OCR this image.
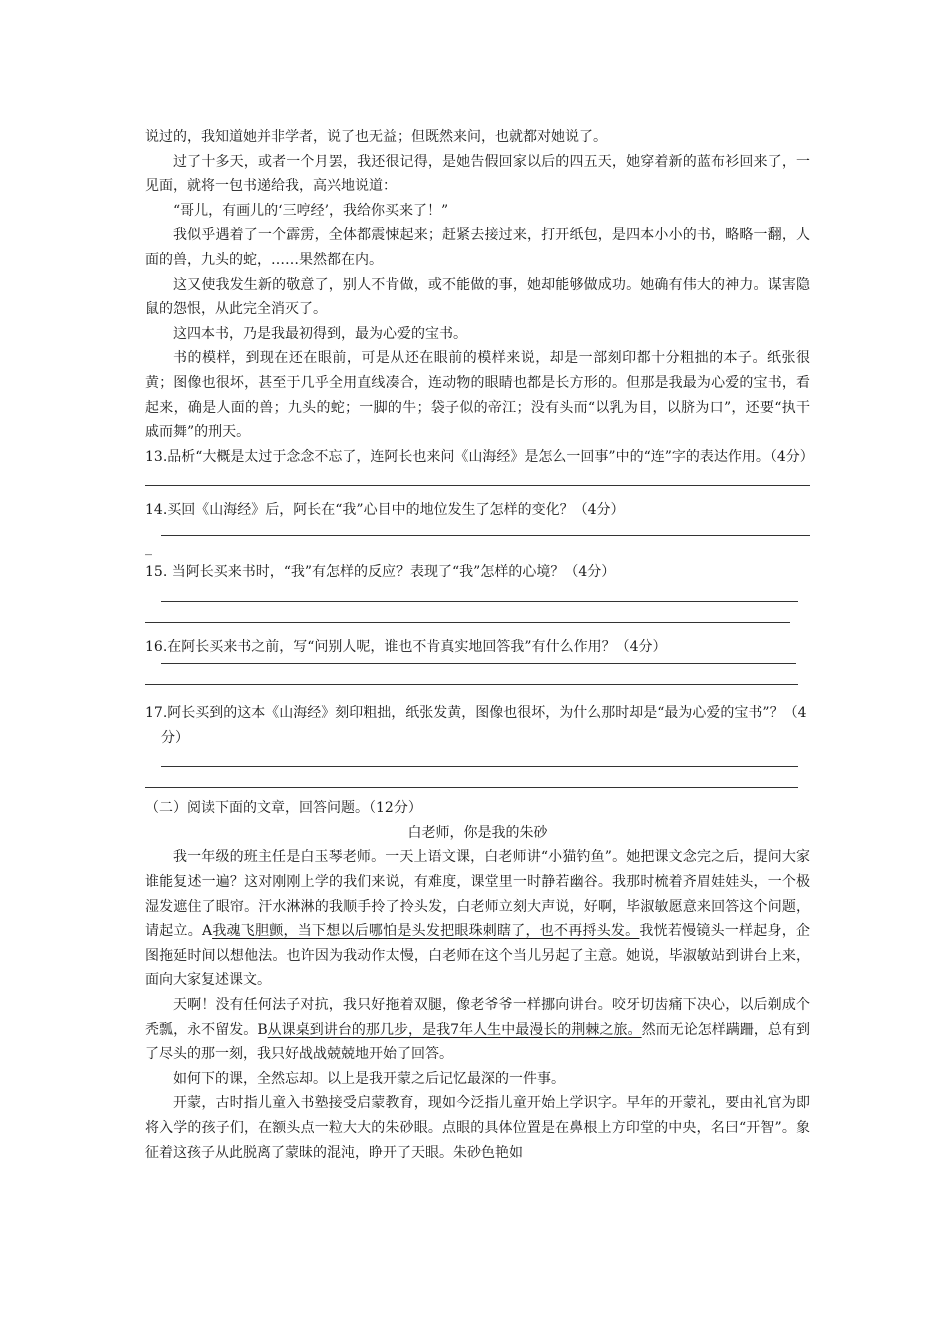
说过的，我知道她并非学者，说了也无益；但既然来问，也就都对她说了。

过了十多天，或者一个月罢，我还很记得，是她告假回家以后的四五天，她穿着新的蓝布衫回来了，一见面，就将一包书递给我，高兴地说道：

“哥儿，有画儿的‘三哼经’，我给你买来了！”

我似乎遇着了一个霹雳，全体都震悚起来；赶紧去接过来，打开纸包，是四本小小的书，略略一翻，人面的兽，九头的蛇，……果然都在内。

这又使我发生新的敬意了，别人不肯做，或不能做的事，她却能够做成功。她确有伟大的神力。谋害隐鼠的怨恨，从此完全消灭了。

这四本书，乃是我最初得到，最为心爱的宝书。

书的模样，到现在还在眼前，可是从还在眼前的模样来说，却是一部刻印都十分粗拙的本子。纸张很黄；图像也很坏，甚至于几乎全用直线凑合，连动物的眼睛也都是长方形的。但那是我最为心爱的宝书，看起来，确是人面的兽；九头的蛇；一脚的牛；袋子似的帝江；没有头而“以乳为目，以脐为口”，还要“执干戚而舞”的刑天。

13.品析“大概是太过于念念不忘了，连阿长也来问《山海经》是怎么一回事”中的“连”字的表达作用。（4分）

14.买回《山海经》后，阿长在“我”心目中的地位发生了怎样的变化？（4分）

_

15. 当阿长买来书时，“我”有怎样的反应？表现了“我”怎样的心境？（4分）

16.在阿长买来书之前，写“问别人呢，谁也不肯真实地回答我”有什么作用？（4分）

17.阿长买到的这本《山海经》刻印粗拙，纸张发黄，图像也很坏，为什么那时却是“最为心爱的宝书”？（4分）

（二）阅读下面的文章，回答问题。（12分）

白老师，你是我的朱砂

我一年级的班主任是白玉琴老师。一天上语文课，白老师讲“小猫钓鱼”。她把课文念完之后，提问大家谁能复述一遍？这对刚刚上学的我们来说，有难度，课堂里一时静若幽谷。我那时梳着齐眉娃娃头，一个极湿发遮住了眼帘。汗水淋淋的我顺手拎了拎头发，白老师立刻大声说，好啊，毕淑敏愿意来回答这个问题，请起立。A我魂飞胆颤，当下想以后哪怕是头发把眼珠刺瞎了，也不再捋头发。我恍若慢镜头一样起身，企图拖延时间以想他法。也许因为我动作太慢，白老师在这个当儿另起了主意。她说，毕淑敏站到讲台上来，面向大家复述课文。

天啊！没有任何法子对抗，我只好拖着双腿，像老爷爷一样挪向讲台。咬牙切齿痛下决心，以后剃成个秃瓢，永不留发。B从课桌到讲台的那几步，是我7年人生中最漫长的荆棘之旅。然而无论怎样蹒跚，总有到了尽头的那一刻，我只好战战兢兢地开始了回答。

如何下的课，全然忘却。以上是我开蒙之后记忆最深的一件事。

开蒙，古时指儿童入书塾接受启蒙教育，现如今泛指儿童开始上学识字。早年的开蒙礼，要由礼官为即将入学的孩子们，在额头点一粒大大的朱砂眼。点眼的具体位置是在鼻根上方印堂的中央，名曰“开智”。象征着这孩子从此脱离了蒙昧的混沌，睁开了天眼。朱砂色艳如
